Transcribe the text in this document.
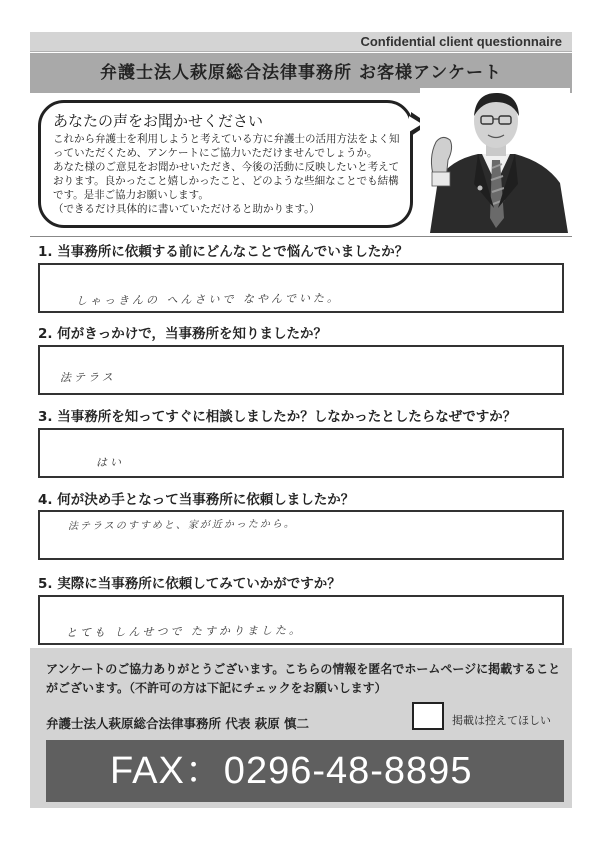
Confidential client questionnaire
弁護士法人萩原総合法律事務所 お客様アンケート
あなたの声をお聞かせください
これから弁護士を利用しようと考えている方に弁護士の活用方法をよく知っていただくため、アンケートにご協力いただけませんでしょうか。
あなた様のご意見をお聞かせいただき、今後の活動に反映したいと考えております。良かったこと嬉しかったこと、どのような些細なことでも結構です。是非ご協力お願いします。
（できるだけ具体的に書いていただけると助かります。）
1. 当事務所に依頼する前にどんなことで悩んでいましたか？
しゃっきんの へんさいで なやんでいた。
2. 何がきっかけで，当事務所を知りましたか？
法テラス
3. 当事務所を知ってすぐに相談しましたか？しなかったとしたらなぜですか？
はい
4. 何が決め手となって当事務所に依頼しましたか？
法テラスのすすめと、家が近かったから。
5. 実際に当事務所に依頼してみていかがですか？
とても しんせつで たすかりました。
アンケートのご協力ありがとうございます。こちらの情報を匿名でホームページに掲載することがございます。（不許可の方は下記にチェックをお願いします）
弁護士法人萩原総合法律事務所 代表 萩原 慎二	掲載は控えてほしい
FAX：0296-48-8895
